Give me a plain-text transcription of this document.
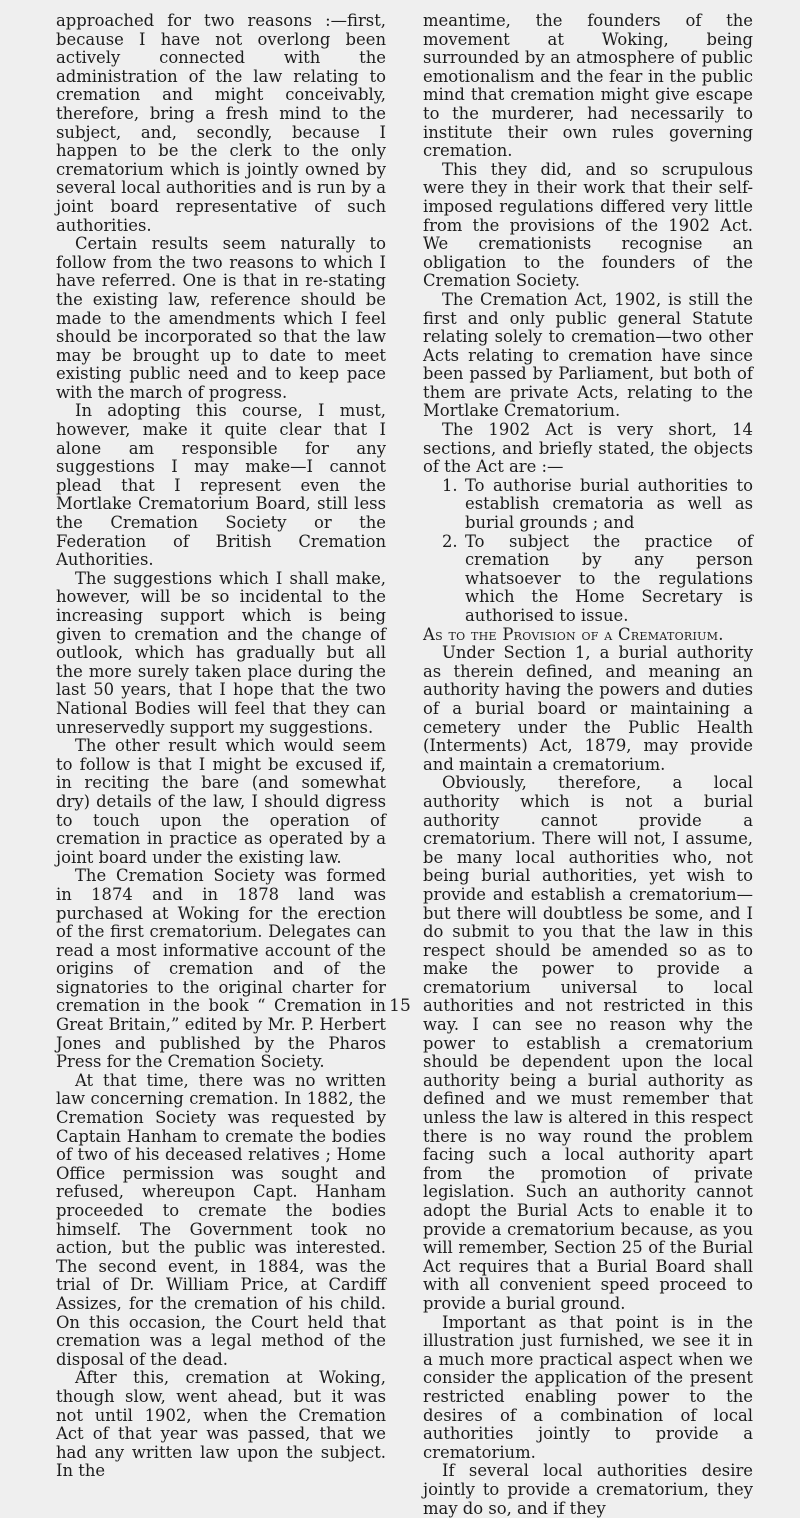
approached for two reasons :—first, because I have not overlong been actively connected with the administration of the law relating to cremation and might conceivably, therefore, bring a fresh mind to the subject, and, secondly, because I happen to be the clerk to the only crematorium which is jointly owned by several local authorities and is run by a joint board representative of such authorities.

Certain results seem naturally to follow from the two reasons to which I have referred. One is that in re-stating the existing law, reference should be made to the amendments which I feel should be incorporated so that the law may be brought up to date to meet existing public need and to keep pace with the march of progress.

In adopting this course, I must, however, make it quite clear that I alone am responsible for any suggestions I may make—I cannot plead that I represent even the Mortlake Crematorium Board, still less the Cremation Society or the Federation of British Cremation Authorities.

The suggestions which I shall make, however, will be so incidental to the increasing support which is being given to cremation and the change of outlook, which has gradually but all the more surely taken place during the last 50 years, that I hope that the two National Bodies will feel that they can unreservedly support my suggestions.

The other result which would seem to follow is that I might be excused if, in reciting the bare (and somewhat dry) details of the law, I should digress to touch upon the operation of cremation in practice as operated by a joint board under the existing law.

The Cremation Society was formed in 1874 and in 1878 land was purchased at Woking for the erection of the first crematorium. Delegates can read a most informative account of the origins of cremation and of the signatories to the original charter for cremation in the book “ Cremation in Great Britain,” edited by Mr. P. Herbert Jones and published by the Pharos Press for the Cremation Society.

At that time, there was no written law concerning cremation. In 1882, the Cremation Society was requested by Captain Hanham to cremate the bodies of two of his deceased relatives ; Home Office permission was sought and refused, whereupon Capt. Hanham proceeded to cremate the bodies himself. The Government took no action, but the public was interested. The second event, in 1884, was the trial of Dr. William Price, at Cardiff Assizes, for the cremation of his child. On this occasion, the Court held that cremation was a legal method of the disposal of the dead.

After this, cremation at Woking, though slow, went ahead, but it was not until 1902, when the Cremation Act of that year was passed, that we had any written law upon the subject. In the

meantime, the founders of the movement at Woking, being surrounded by an atmosphere of public emotionalism and the fear in the public mind that cremation might give escape to the murderer, had necessarily to institute their own rules governing cremation.

This they did, and so scrupulous were they in their work that their self-imposed regulations differed very little from the provisions of the 1902 Act. We cremationists recognise an obligation to the founders of the Cremation Society.

The Cremation Act, 1902, is still the first and only public general Statute relating solely to cremation—two other Acts relating to cremation have since been passed by Parliament, but both of them are private Acts, relating to the Mortlake Crematorium.

The 1902 Act is very short, 14 sections, and briefly stated, the objects of the Act are :—

1. To authorise burial authorities to establish crematoria as well as burial grounds ; and
2. To subject the practice of cremation by any person whatsoever to the regulations which the Home Secretary is authorised to issue.

As to the Provision of a Crematorium.

Under Section 1, a burial authority as therein defined, and meaning an authority having the powers and duties of a burial board or maintaining a cemetery under the Public Health (Interments) Act, 1879, may provide and maintain a crematorium.

Obviously, therefore, a local authority which is not a burial authority cannot provide a crematorium. There will not, I assume, be many local authorities who, not being burial authorities, yet wish to provide and establish a crematorium—but there will doubtless be some, and I do submit to you that the law in this respect should be amended so as to make the power to provide a crematorium universal to local authorities and not restricted in this way. I can see no reason why the power to establish a crematorium should be dependent upon the local authority being a burial authority as defined and we must remember that unless the law is altered in this respect there is no way round the problem facing such a local authority apart from the promotion of private legislation. Such an authority cannot adopt the Burial Acts to enable it to provide a crematorium because, as you will remember, Section 25 of the Burial Act requires that a Burial Board shall with all convenient speed proceed to provide a burial ground.

Important as that point is in the illustration just furnished, we see it in a much more practical aspect when we consider the application of the present restricted enabling power to the desires of a combination of local authorities jointly to provide a crematorium.

If several local authorities desire jointly to provide a crematorium, they may do so, and if they

15
